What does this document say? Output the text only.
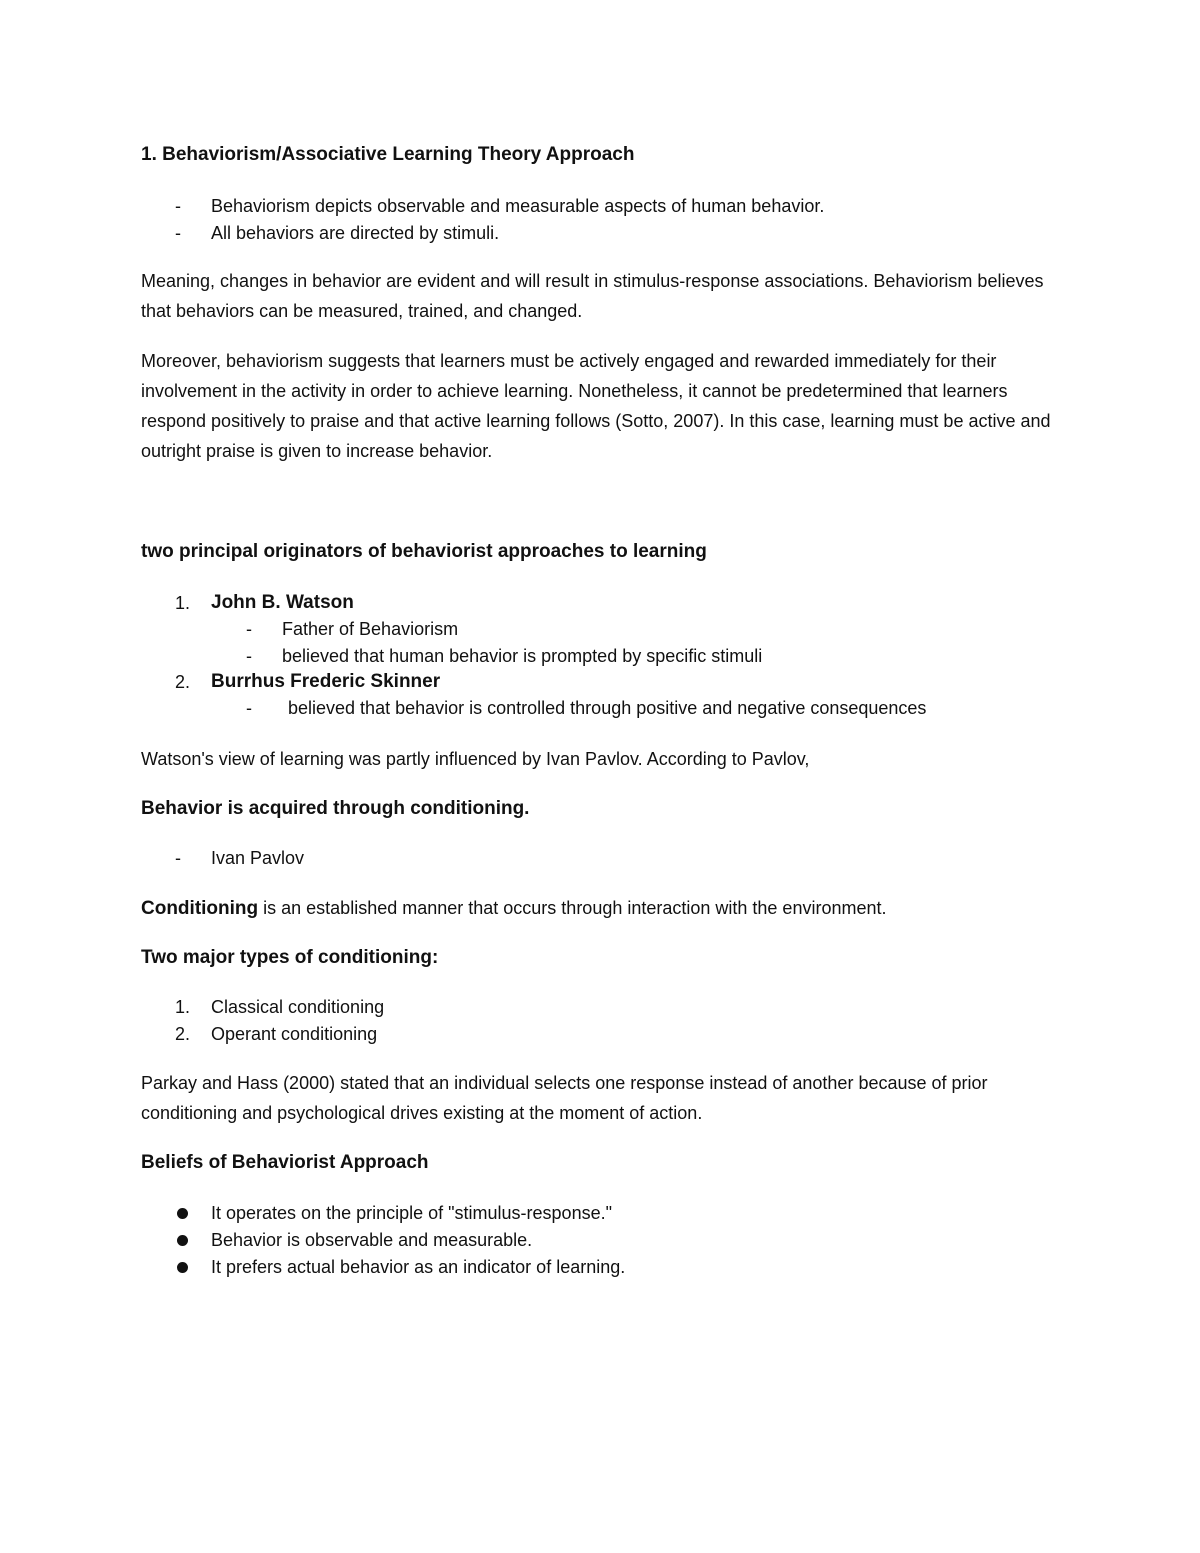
1. Behaviorism/Associative Learning Theory Approach
- Behaviorism depicts observable and measurable aspects of human behavior.
- All behaviors are directed by stimuli.
Meaning, changes in behavior are evident and will result in stimulus-response associations. Behaviorism believes that behaviors can be measured, trained, and changed.
Moreover, behaviorism suggests that learners must be actively engaged and rewarded immediately for their involvement in the activity in order to achieve learning. Nonetheless, it cannot be predetermined that learners respond positively to praise and that active learning follows (Sotto, 2007). In this case, learning must be active and outright praise is given to increase behavior.
two principal originators of behaviorist approaches to learning
1. John B. Watson
- Father of Behaviorism
- believed that human behavior is prompted by specific stimuli
2. Burrhus Frederic Skinner
- believed that behavior is controlled through positive and negative consequences
Watson's view of learning was partly influenced by Ivan Pavlov. According to Pavlov,
Behavior is acquired through conditioning.
- Ivan Pavlov
Conditioning is an established manner that occurs through interaction with the environment.
Two major types of conditioning:
1. Classical conditioning
2. Operant conditioning
Parkay and Hass (2000) stated that an individual selects one response instead of another because of prior conditioning and psychological drives existing at the moment of action.
Beliefs of Behaviorist Approach
It operates on the principle of "stimulus-response."
Behavior is observable and measurable.
It prefers actual behavior as an indicator of learning.
